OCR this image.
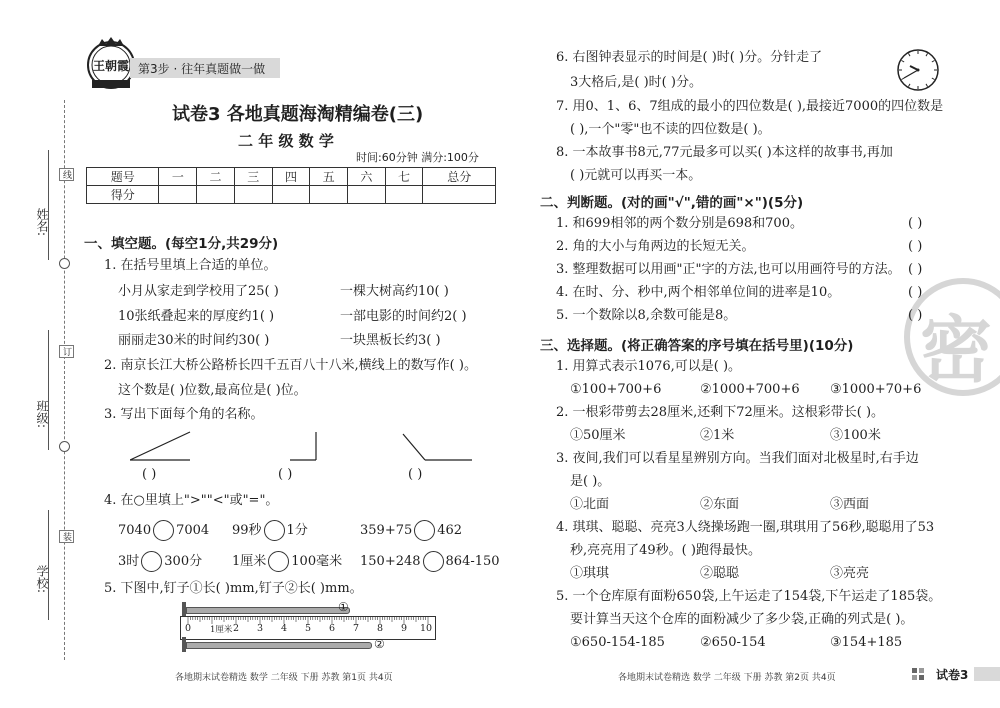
姓名:
班级:
学校:
线
订
装
王朝霞 第3步 · 往年真题做一做
试卷3 各地真题海淘精编卷(三)
二 年 级 数 学
时间:60分钟 满分:100分
题号	一	二	三	四	五	六	七	总分
得分								
一、填空题。(每空1分,共29分)
1. 在括号里填上合适的单位。
小月从家走到学校用了25( )	一棵大树高约10( )
10张纸叠起来的厚度约1( )	一部电影的时间约2( )
丽丽走30米的时间约30( )	一块黑板长约3( )
2. 南京长江大桥公路桥长四千五百八十八米,横线上的数写作( )。
这个数是( )位数,最高位是( )位。
3. 写出下面每个角的名称。
( )	( )	( )
4. 在○里填上">""<"或"="。
7040 7004 99秒 1分	359+75 462
3时 300分 1厘米 100毫米 150+248 864-150
5. 下图中,钉子①长( )mm,钉子②长( )mm。
①
0 1厘米 2 3 4 5 6 7 8 9 10
②
各地期末试卷精选 数学 二年级 下册 苏教 第1页 共4页
6. 右图钟表显示的时间是( )时( )分。分针走了
3大格后,是( )时( )分。
7. 用0、1、6、7组成的最小的四位数是( ),最接近7000的四位数是
( ),一个"零"也不读的四位数是( )。
8. 一本故事书8元,77元最多可以买( )本这样的故事书,再加
( )元就可以再买一本。
密
二、判断题。(对的画"√",错的画"×")(5分)
1. 和699相邻的两个数分别是698和700。	( )
2. 角的大小与角两边的长短无关。	( )
3. 整理数据可以用画"正"字的方法,也可以用画符号的方法。 ( )
4. 在时、分、秒中,两个相邻单位间的进率是10。	( )
5. 一个数除以8,余数可能是8。	( )
三、选择题。(将正确答案的序号填在括号里)(10分)
1. 用算式表示1076,可以是( )。
①100+700+6	②1000+700+6 ③1000+70+6
2. 一根彩带剪去28厘米,还剩下72厘米。这根彩带长( )。
①50厘米	②1米	③100米
3. 夜间,我们可以看星星辨别方向。当我们面对北极星时,右手边
是( )。
①北面	②东面	③西面
4. 琪琪、聪聪、亮亮3人绕操场跑一圈,琪琪用了56秒,聪聪用了53
秒,亮亮用了49秒。( )跑得最快。
①琪琪	②聪聪	③亮亮
5. 一个仓库原有面粉650袋,上午运走了154袋,下午运走了185袋。
要计算当天这个仓库的面粉减少了多少袋,正确的列式是( )。
①650-154-185	②650-154	③154+185
各地期末试卷精选 数学 二年级 下册 苏教 第2页 共4页	试卷3
